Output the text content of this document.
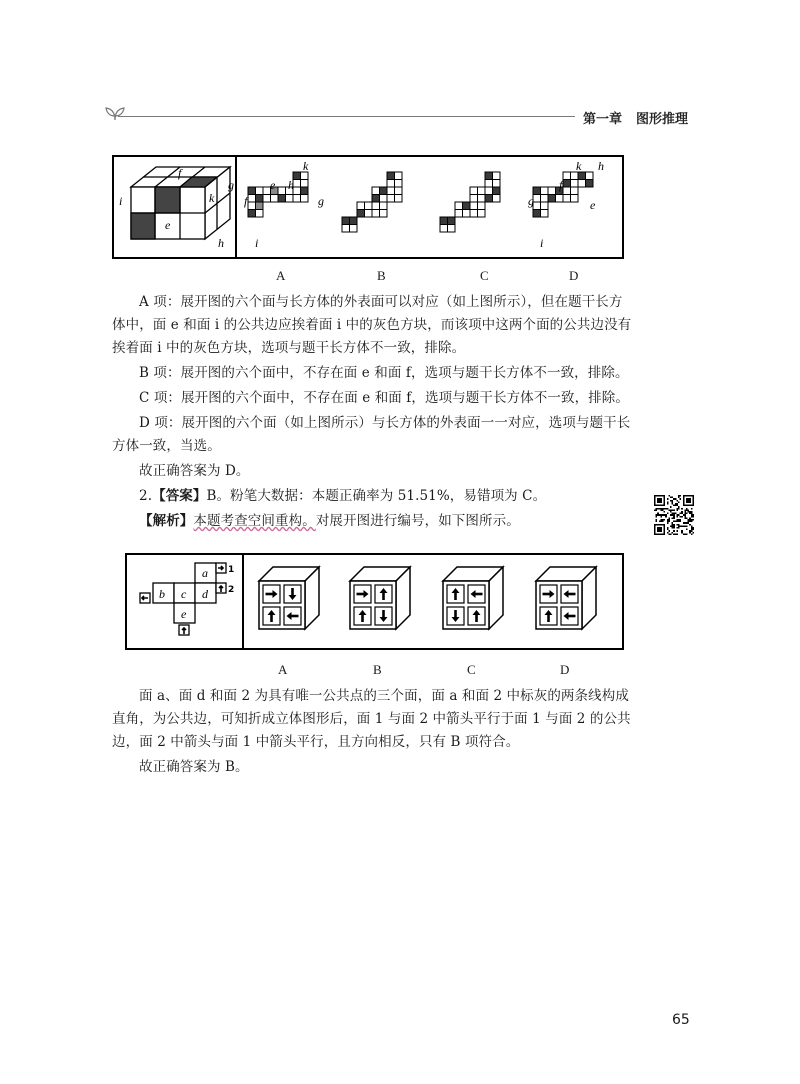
第一章 图形推理
f
i
g
k
e
h
k
e h
f	g
i
k h
f
g	e
i
A	B	C	D

A 项：展开图的六个面与长方体的外表面可以对应（如上图所示），但在题干长方体中，面 e 和面 i 的公共边应挨着面 i 中的灰色方块，而该项中这两个面的公共边没有挨着面 i 中的灰色方块，选项与题干长方体不一致，排除。

B 项：展开图的六个面中，不存在面 e 和面 f，选项与题干长方体不一致，排除。

C 项：展开图的六个面中，不存在面 e 和面 f，选项与题干长方体不一致，排除。

D 项：展开图的六个面（如上图所示）与长方体的外表面一一对应，选项与题干长方体一致，当选。

故正确答案为 D。

2.【答案】B。粉笔大数据：本题正确率为 51.51%，易错项为 C。

【解析】本题考查空间重构。对展开图进行编号，如下图所示。

a
b c d
e
1
2
A	B	C	D

面 a、面 d 和面 2 为具有唯一公共点的三个面，面 a 和面 2 中标灰的两条线构成直角，为公共边，可知折成立体图形后，面 1 与面 2 中箭头平行于面 1 与面 2 的公共边，面 2 中箭头与面 1 中箭头平行，且方向相反，只有 B 项符合。

故正确答案为 B。

65
